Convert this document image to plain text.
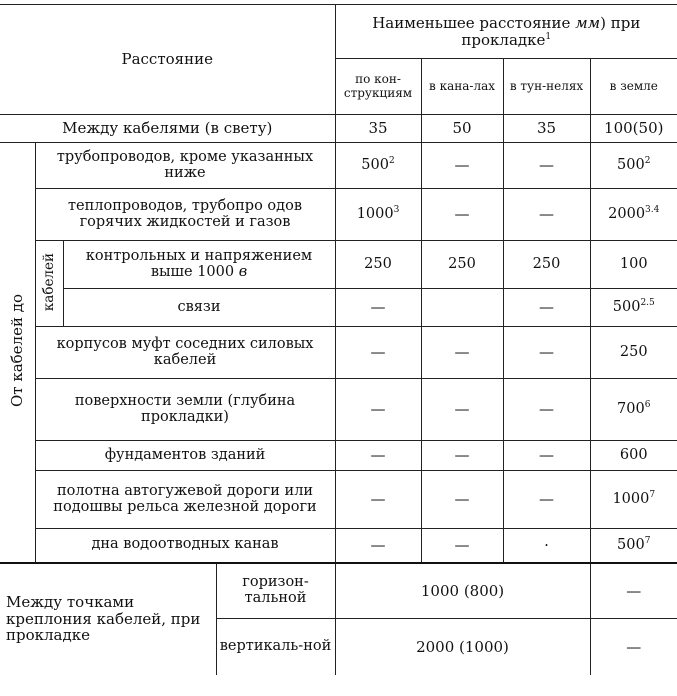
Расстояние				Наименьшее расстояние мм) при прокладке$^1$
				по кон-струкциям	в кана-лах	в тун-нелях	в земле
Между кабелями (в свету)				35	50	35	100(50)
От кабелей до	трубопроводов, кроме указанных ниже			$500^2$	—	—	$500^2$
	теплопроводов, трубопро одов горячих жидкостей и газов			1000$^3$	—	—	$2000^{3.4}$
	кабелей	контрольных и напряжением выше 1000 в		250	250	250	100
		связи		—		—	$500^{2.5}$
	корпусов муфт соседних силовых кабелей			—	—	—	250
	поверхности земли (глубина прокладки)			—	—	—	$700^6$
	фундаментов зданий			—	—	—	600
	полотна автогужевой дороги или подошвы рельса железной дороги			—	—	—	1000$^7$
	дна водоотводных канав			—	—	·	$500^7$
Между точками креплония кабелей, при прокладке			горизон-тальной	1000 (800)			—
			вертикаль-ной	2000 (1000)			—
